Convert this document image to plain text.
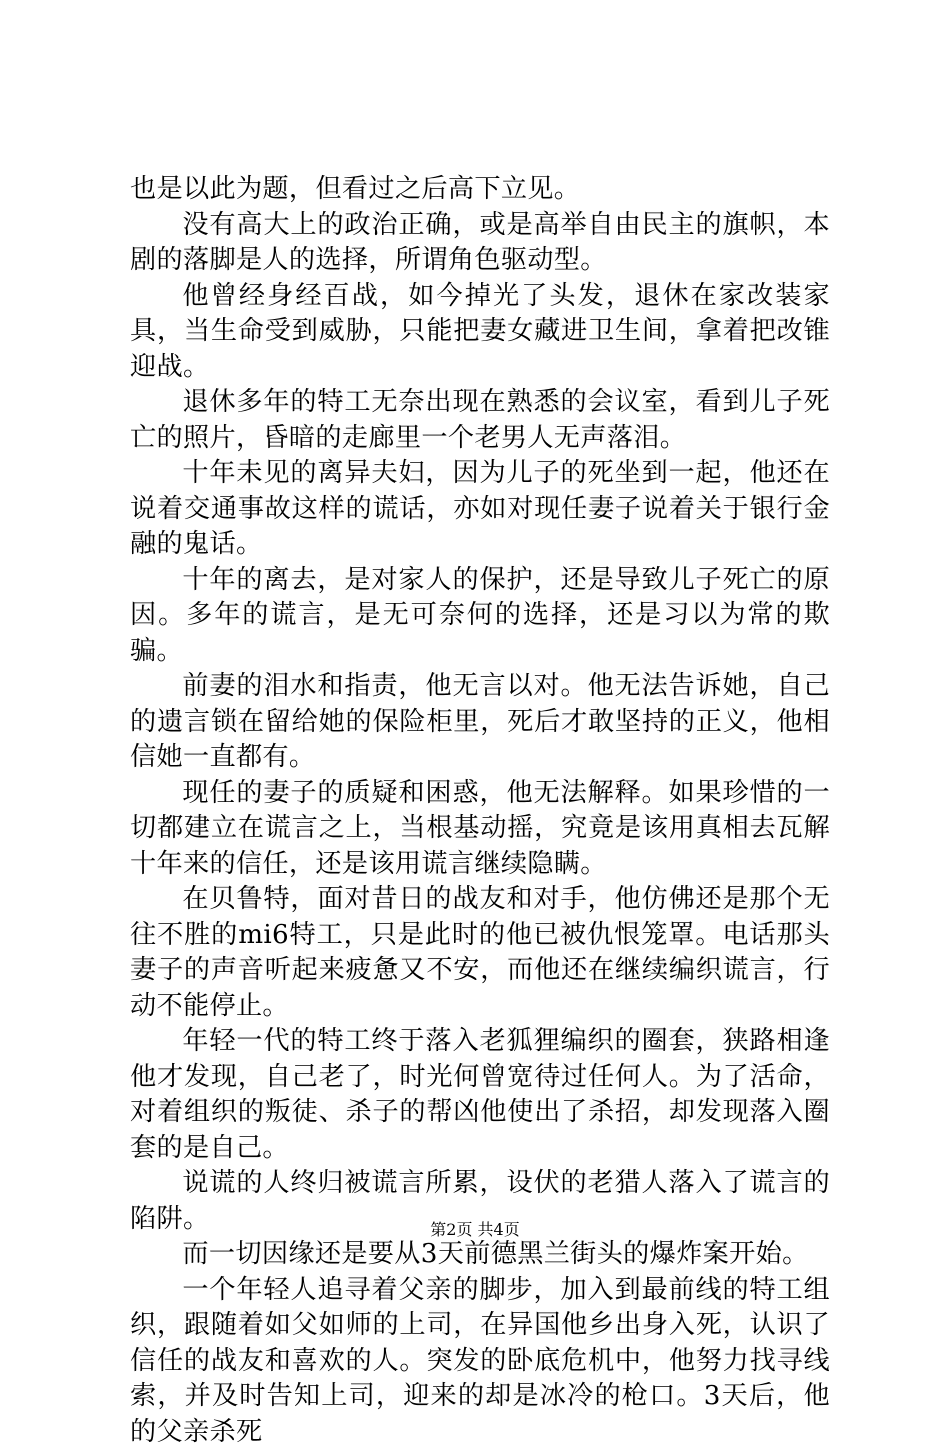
也是以此为题，但看过之后高下立见。

没有高大上的政治正确，或是高举自由民主的旗帜，本剧的落脚是人的选择，所谓角色驱动型。

他曾经身经百战，如今掉光了头发，退休在家改装家具，当生命受到威胁，只能把妻女藏进卫生间，拿着把改锥迎战。

退休多年的特工无奈出现在熟悉的会议室，看到儿子死亡的照片，昏暗的走廊里一个老男人无声落泪。

十年未见的离异夫妇，因为儿子的死坐到一起，他还在说着交通事故这样的谎话，亦如对现任妻子说着关于银行金融的鬼话。

十年的离去，是对家人的保护，还是导致儿子死亡的原因。多年的谎言，是无可奈何的选择，还是习以为常的欺骗。

前妻的泪水和指责，他无言以对。他无法告诉她，自己的遗言锁在留给她的保险柜里，死后才敢坚持的正义，他相信她一直都有。

现任的妻子的质疑和困惑，他无法解释。如果珍惜的一切都建立在谎言之上，当根基动摇，究竟是该用真相去瓦解十年来的信任，还是该用谎言继续隐瞒。

在贝鲁特，面对昔日的战友和对手，他仿佛还是那个无往不胜的mi6特工，只是此时的他已被仇恨笼罩。电话那头妻子的声音听起来疲惫又不安，而他还在继续编织谎言，行动不能停止。

年轻一代的特工终于落入老狐狸编织的圈套，狭路相逢他才发现，自己老了，时光何曾宽待过任何人。为了活命，对着组织的叛徒、杀子的帮凶他使出了杀招，却发现落入圈套的是自己。

说谎的人终归被谎言所累，设伏的老猎人落入了谎言的陷阱。

而一切因缘还是要从3天前德黑兰街头的爆炸案开始。

一个年轻人追寻着父亲的脚步，加入到最前线的特工组织，跟随着如父如师的上司，在异国他乡出身入死，认识了信任的战友和喜欢的人。突发的卧底危机中，他努力找寻线索，并及时告知上司，迎来的却是冰冷的枪口。3天后，他的父亲杀死

第2页 共4页
